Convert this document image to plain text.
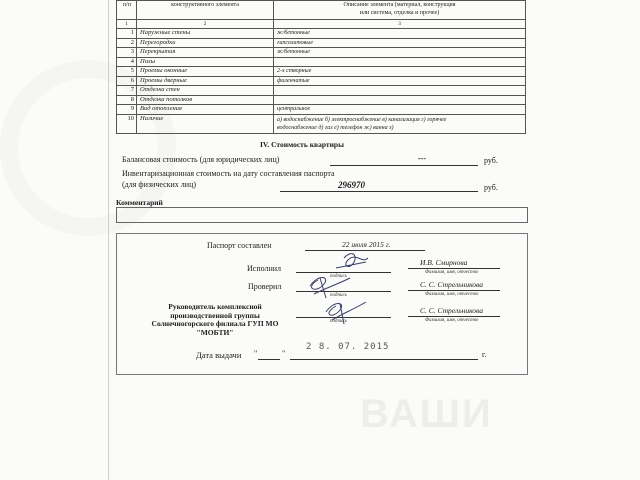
п/п	конструктивного элемента	Описание элемента (материал, конструкция
или система, отделка и прочее)

1	2	3
1	Наружные стены	ж/бетонные
2	Перегородки	гипсолитовые
3	Перекрытия	ж/бетонные
4	Полы	
5	Проемы оконные	2-х створные
6	Проемы дверные	филенчатые
7	Отделка стен	
8	Отделка потолков	
9	Вид отопления	центральное
10	Наличие	а) водоснабжение б) электроснабжение в) канализация г) горячее
водоснабжение д) газ е) телефон ж) ванна з)
IV. Стоимость квартиры
Балансовая стоимость (для юридических лиц)	---	руб.
Инвентаризационная стоимость на дату составления паспорта
(для физических лиц)	296970	руб.
Комментарий
Паспорт составлен	22 июля 2015 г.
Исполнил
подпись
И.В. Смирнова
Фамилия, имя, отчество
Проверил
подпись
С. С. Стрельникова
Фамилия, имя, отчество
Руководитель комплексной
производственной группы
Солнечногорского филиала ГУП МО
"МОБТИ"
подпись
С. С. Стрельникова
Фамилия, имя, отчество
Дата выдачи "	"
2 8. 07. 2015
г.
ВАШИ
